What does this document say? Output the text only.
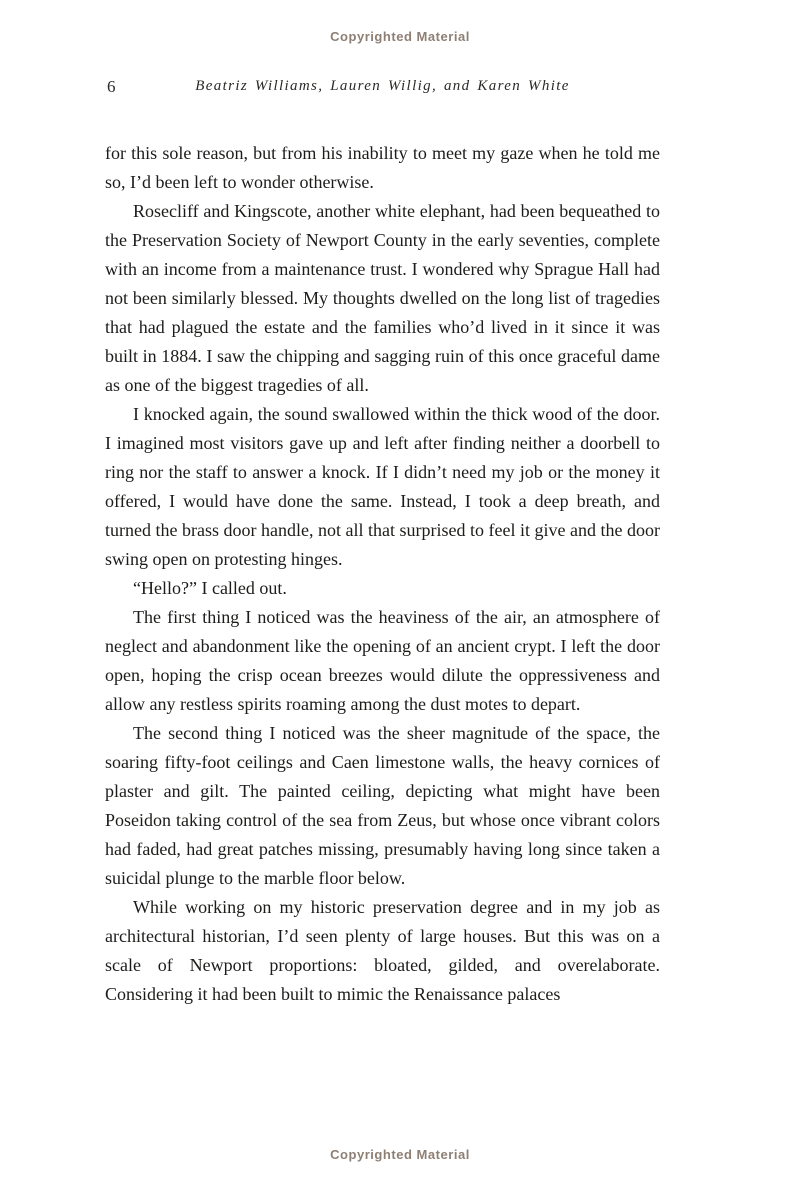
Copyrighted Material
6	Beatriz Williams, Lauren Willig, and Karen White

for this sole reason, but from his inability to meet my gaze when he told me so, I’d been left to wonder otherwise.

Rosecliff and Kingscote, another white elephant, had been bequeathed to the Preservation Society of Newport County in the early seventies, complete with an income from a maintenance trust. I wondered why Sprague Hall had not been similarly blessed. My thoughts dwelled on the long list of tragedies that had plagued the estate and the families who’d lived in it since it was built in 1884. I saw the chipping and sagging ruin of this once graceful dame as one of the biggest tragedies of all.

I knocked again, the sound swallowed within the thick wood of the door. I imagined most visitors gave up and left after finding neither a doorbell to ring nor the staff to answer a knock. If I didn’t need my job or the money it offered, I would have done the same. Instead, I took a deep breath, and turned the brass door handle, not all that surprised to feel it give and the door swing open on protesting hinges.

“Hello?” I called out.

The first thing I noticed was the heaviness of the air, an atmosphere of neglect and abandonment like the opening of an ancient crypt. I left the door open, hoping the crisp ocean breezes would dilute the oppressiveness and allow any restless spirits roaming among the dust motes to depart.

The second thing I noticed was the sheer magnitude of the space, the soaring fifty-foot ceilings and Caen limestone walls, the heavy cornices of plaster and gilt. The painted ceiling, depicting what might have been Poseidon taking control of the sea from Zeus, but whose once vibrant colors had faded, had great patches missing, presumably having long since taken a suicidal plunge to the marble floor below.

While working on my historic preservation degree and in my job as architectural historian, I’d seen plenty of large houses. But this was on a scale of Newport proportions: bloated, gilded, and overelaborate. Considering it had been built to mimic the Renaissance palaces

Copyrighted Material
